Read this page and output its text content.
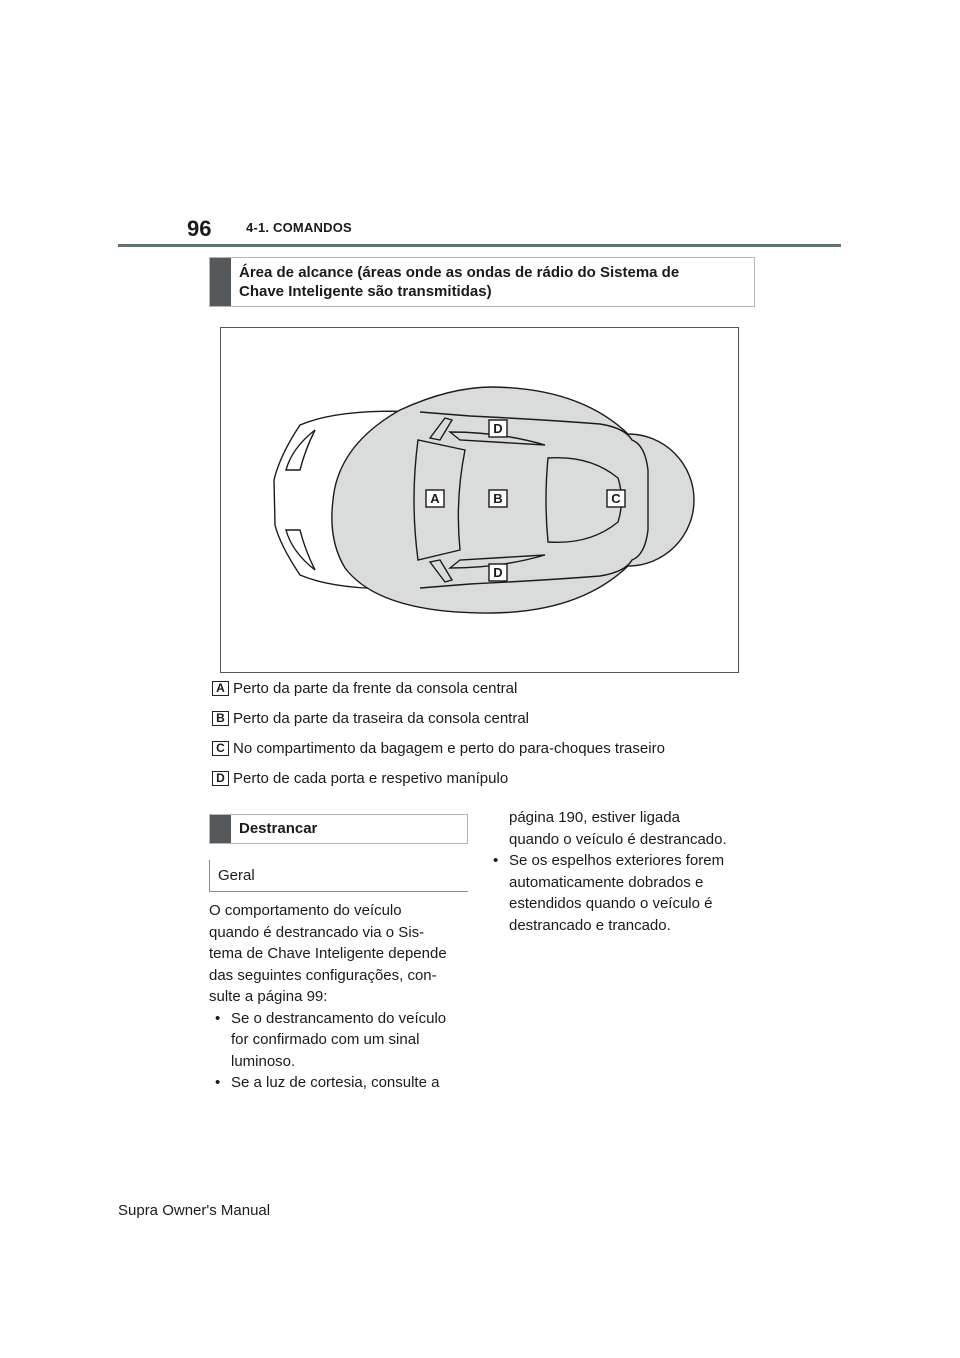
96	4-1. COMANDOS
Área de alcance (áreas onde as ondas de rádio do Sistema de
Chave Inteligente são transmitidas)
D
A	B	C
D
A Perto da parte da frente da consola central
B Perto da parte da traseira da consola central
C No compartimento da bagagem e perto do para-choques traseiro
D Perto de cada porta e respetivo manípulo
Destrancar
Geral
O comportamento do veículo
quando é destrancado via o Sis-
tema de Chave Inteligente depende
das seguintes configurações, con-
sulte a página 99:
• Se o destrancamento do veículo
for confirmado com um sinal
luminoso.
• Se a luz de cortesia, consulte a
página 190, estiver ligada
quando o veículo é destrancado.
• Se os espelhos exteriores forem
automaticamente dobrados e
estendidos quando o veículo é
destrancado e trancado.
Supra Owner's Manual
